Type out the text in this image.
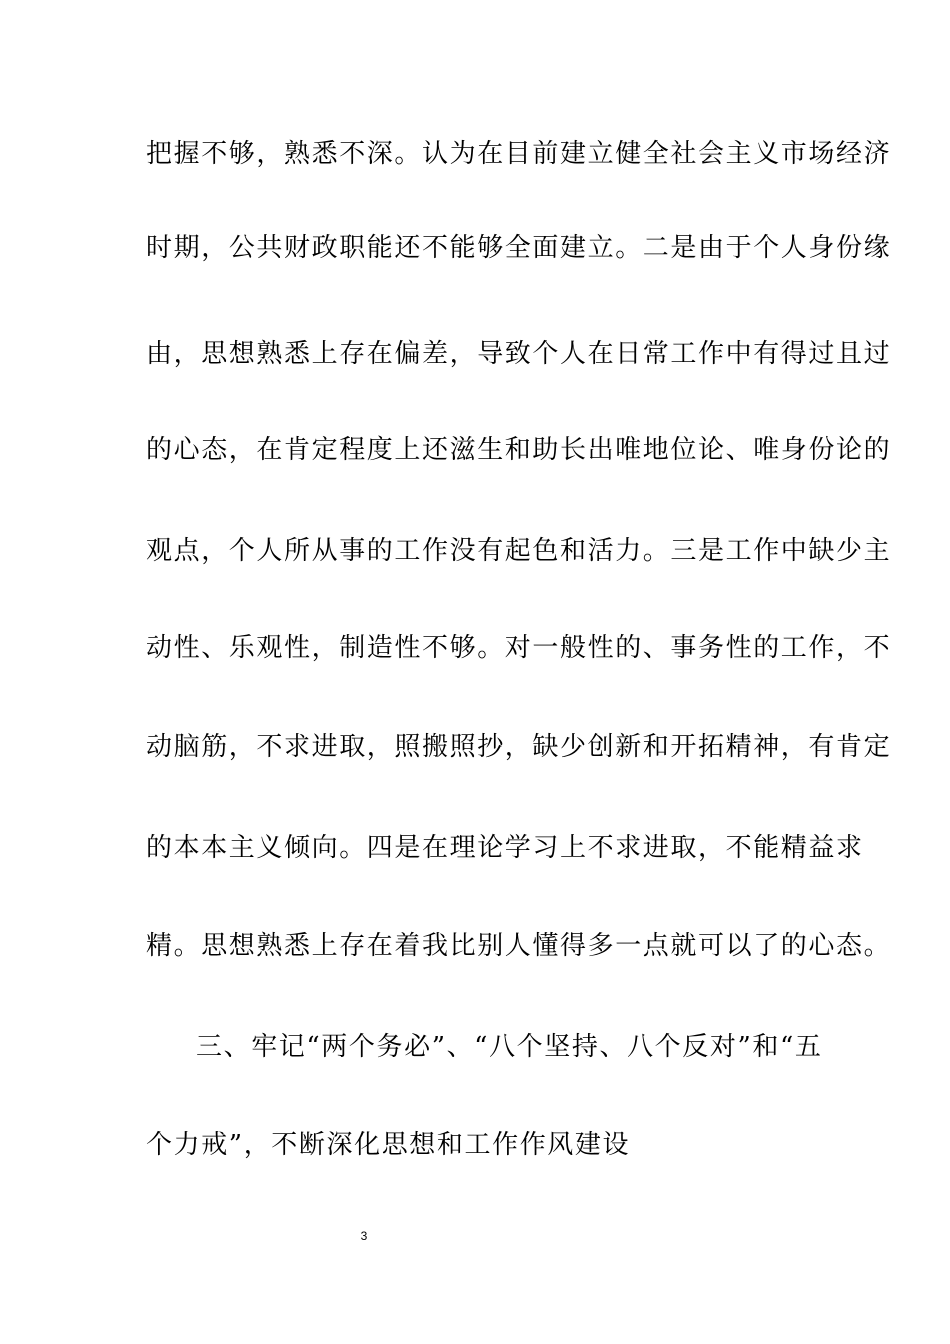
把握不够，熟悉不深。认为在目前建立健全社会主义市场经济
时期，公共财政职能还不能够全面建立。二是由于个人身份缘
由，思想熟悉上存在偏差，导致个人在日常工作中有得过且过
的心态，在肯定程度上还滋生和助长出唯地位论、唯身份论的
观点，个人所从事的工作没有起色和活力。三是工作中缺少主
动性、乐观性，制造性不够。对一般性的、事务性的工作，不
动脑筋，不求进取，照搬照抄，缺少创新和开拓精神，有肯定
的本本主义倾向。四是在理论学习上不求进取，不能精益求
精。思想熟悉上存在着我比别人懂得多一点就可以了的心态。
三、牢记“两个务必”、“八个坚持、八个反对”和“五
个力戒”，不断深化思想和工作作风建设
3
